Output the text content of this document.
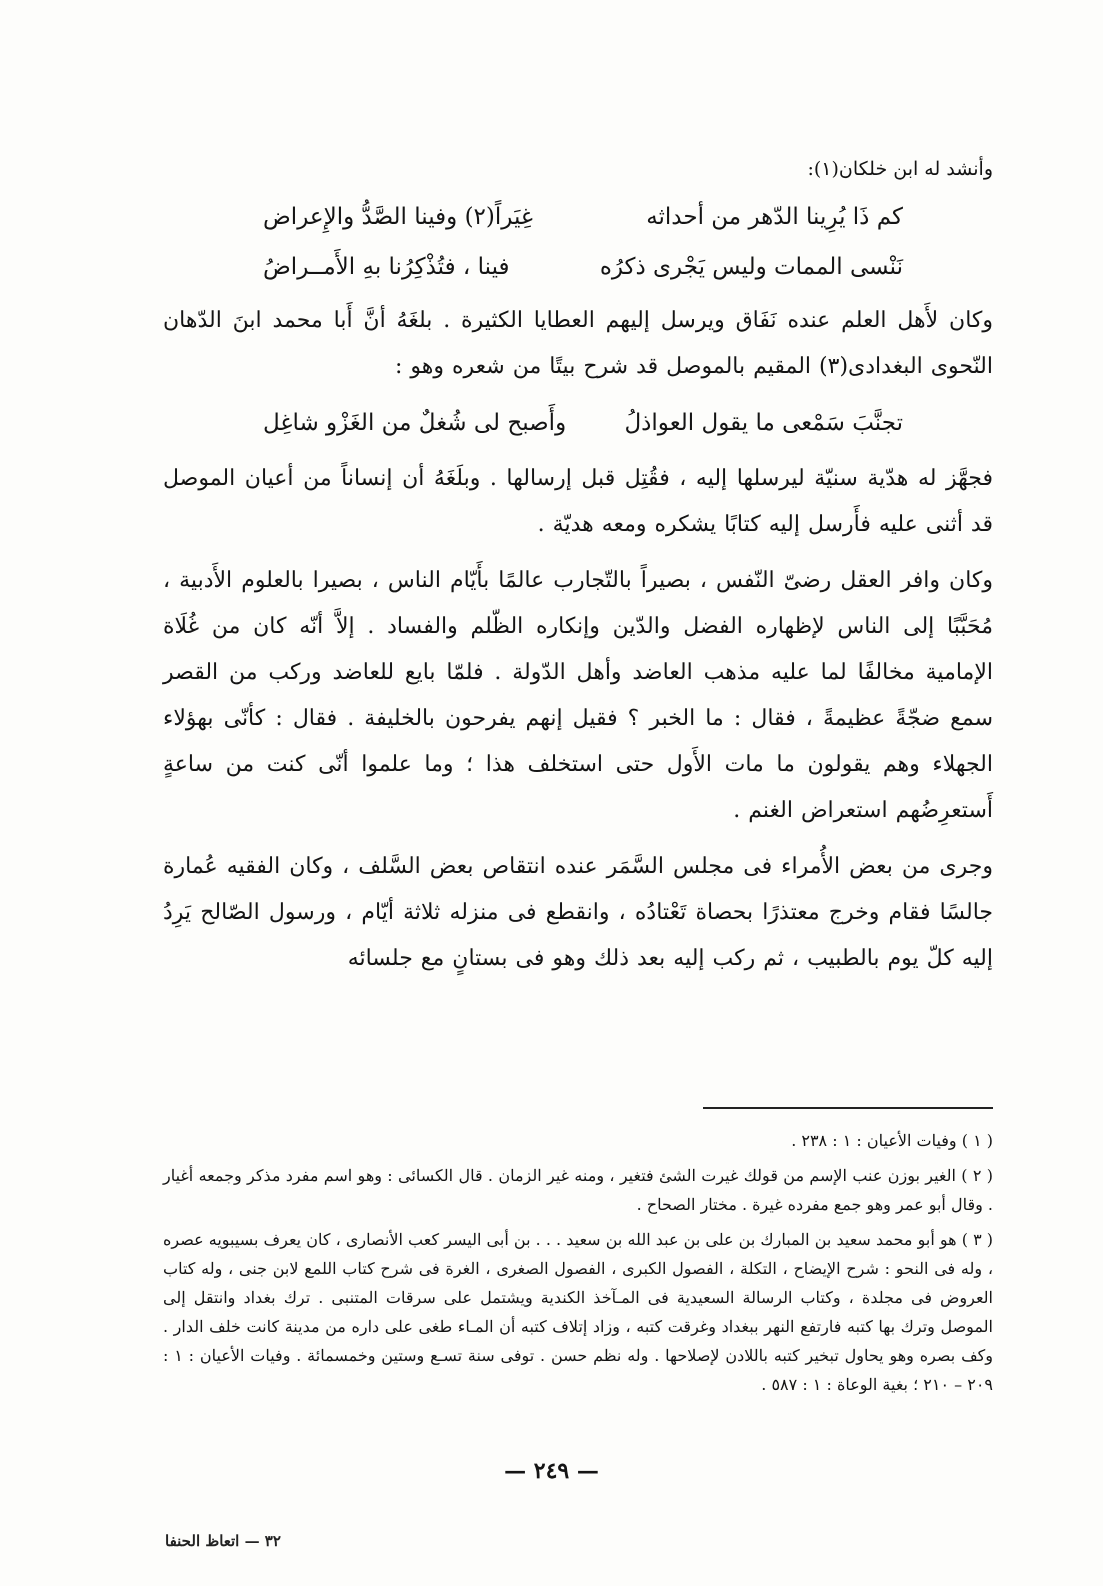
وأنشد له ابن خلكان(١):

كم ذَا يُرِينا الدّهر من أحداثه
غِيَراً(٢) وفينا الصَّدُّ والإِعراض
نَنْسى الممات وليس يَجْرى ذكرُه
فينا ، فتُذْكِرُنا بهِ الأَمــراضُ

وكان لأَهل العلم عنده نَفَاق ويرسل إليهم العطايا الكثيرة . بلغَهُ أنَّ أَبا محمد ابنَ الدّهان النّحوى البغدادى(٣) المقيم بالموصل قد شرح بيتًا من شعره وهو :

تجنَّبَ سَمْعى ما يقول العواذلُ
وأَصبح لى شُغلٌ من الغَزْو شاغِل

فجهَّز له هدّية سنيّة ليرسلها إليه ، فقُتِل قبل إرسالها . وبلَغَهُ أن إنساناً من أعيان الموصل قد أثنى عليه فأَرسل إليه كتابًا يشكره ومعه هديّة .

وكان وافر العقل رضىّ النّفس ، بصيراً بالتّجارب عالمًا بأَيّام الناس ، بصيرا بالعلوم الأَدبية ، مُحَبَّبًا إلى الناس لإظهاره الفضل والدّين وإنكاره الظّلم والفساد . إلاَّ أنّه كان من غُلَاة الإمامية مخالفًا لما عليه مذهب العاضد وأهل الدّولة . فلمّا بايع للعاضد وركب من القصر سمع ضجّةً عظيمةً ، فقال : ما الخبر ؟ فقيل إنهم يفرحون بالخليفة . فقال : كأنّى بهؤلاء الجهلاء وهم يقولون ما مات الأَول حتى استخلف هذا ؛ وما علموا أنّى كنت من ساعةٍ أَستعرِضُهم استعراض الغنم .

وجرى من بعض الأُمراء فى مجلس السَّمَر عنده انتقاص بعض السَّلف ، وكان الفقيه عُمارة جالسًا فقام وخرج معتذرًا بحصاة تَعْتادُه ، وانقطع فى منزله ثلاثة أيّام ، ورسول الصّالح يَرِدُ إليه كلّ يوم بالطبيب ، ثم ركب إليه بعد ذلك وهو فى بستانٍ مع جلسائه

( ١ ) وفيات الأعيان : ١ : ٢٣٨ .

( ٢ ) الغير بوزن عنب الإسم من قولك غيرت الشئ فتغير ، ومنه غير الزمان . قال الكسائى : وهو اسم مفرد مذكر وجمعه أغيار . وقال أبو عمر وهو جمع مفرده غيرة . مختار الصحاح .

( ٣ ) هو أبو محمد سعيد بن المبارك بن على بن عبد الله بن سعيد . . . بن أبى اليسر كعب الأنصارى ، كان يعرف بسيبويه عصره ، وله فى النحو : شرح الإيضاح ، التكلة ، الفصول الكبرى ، الفصول الصغرى ، الغرة فى شرح كتاب اللمع لابن جنى ، وله كتاب العروض فى مجلدة ، وكتاب الرسالة السعيدية فى المـآخذ الكندية ويشتمل على سرقات المتنبى . ترك بغداد وانتقل إلى الموصل وترك بها كتبه فارتفع النهر ببغداد وغرقت كتبه ، وزاد إتلاف كتبه أن المـاء طغى على داره من مدينة كانت خلف الدار . وكف بصره وهو يحاول تبخير كتبه باللادن لإصلاحها . وله نظم حسن . توفى سنة تسـع وستين وخمسمائة . وفيات الأعيان : ١ : ٢٠٩ – ٢١٠ ؛ بغية الوعاة : ١ : ٥٨٧ .

— ٢٤٩ —
٣٢ — اتعاظ الحنفا
